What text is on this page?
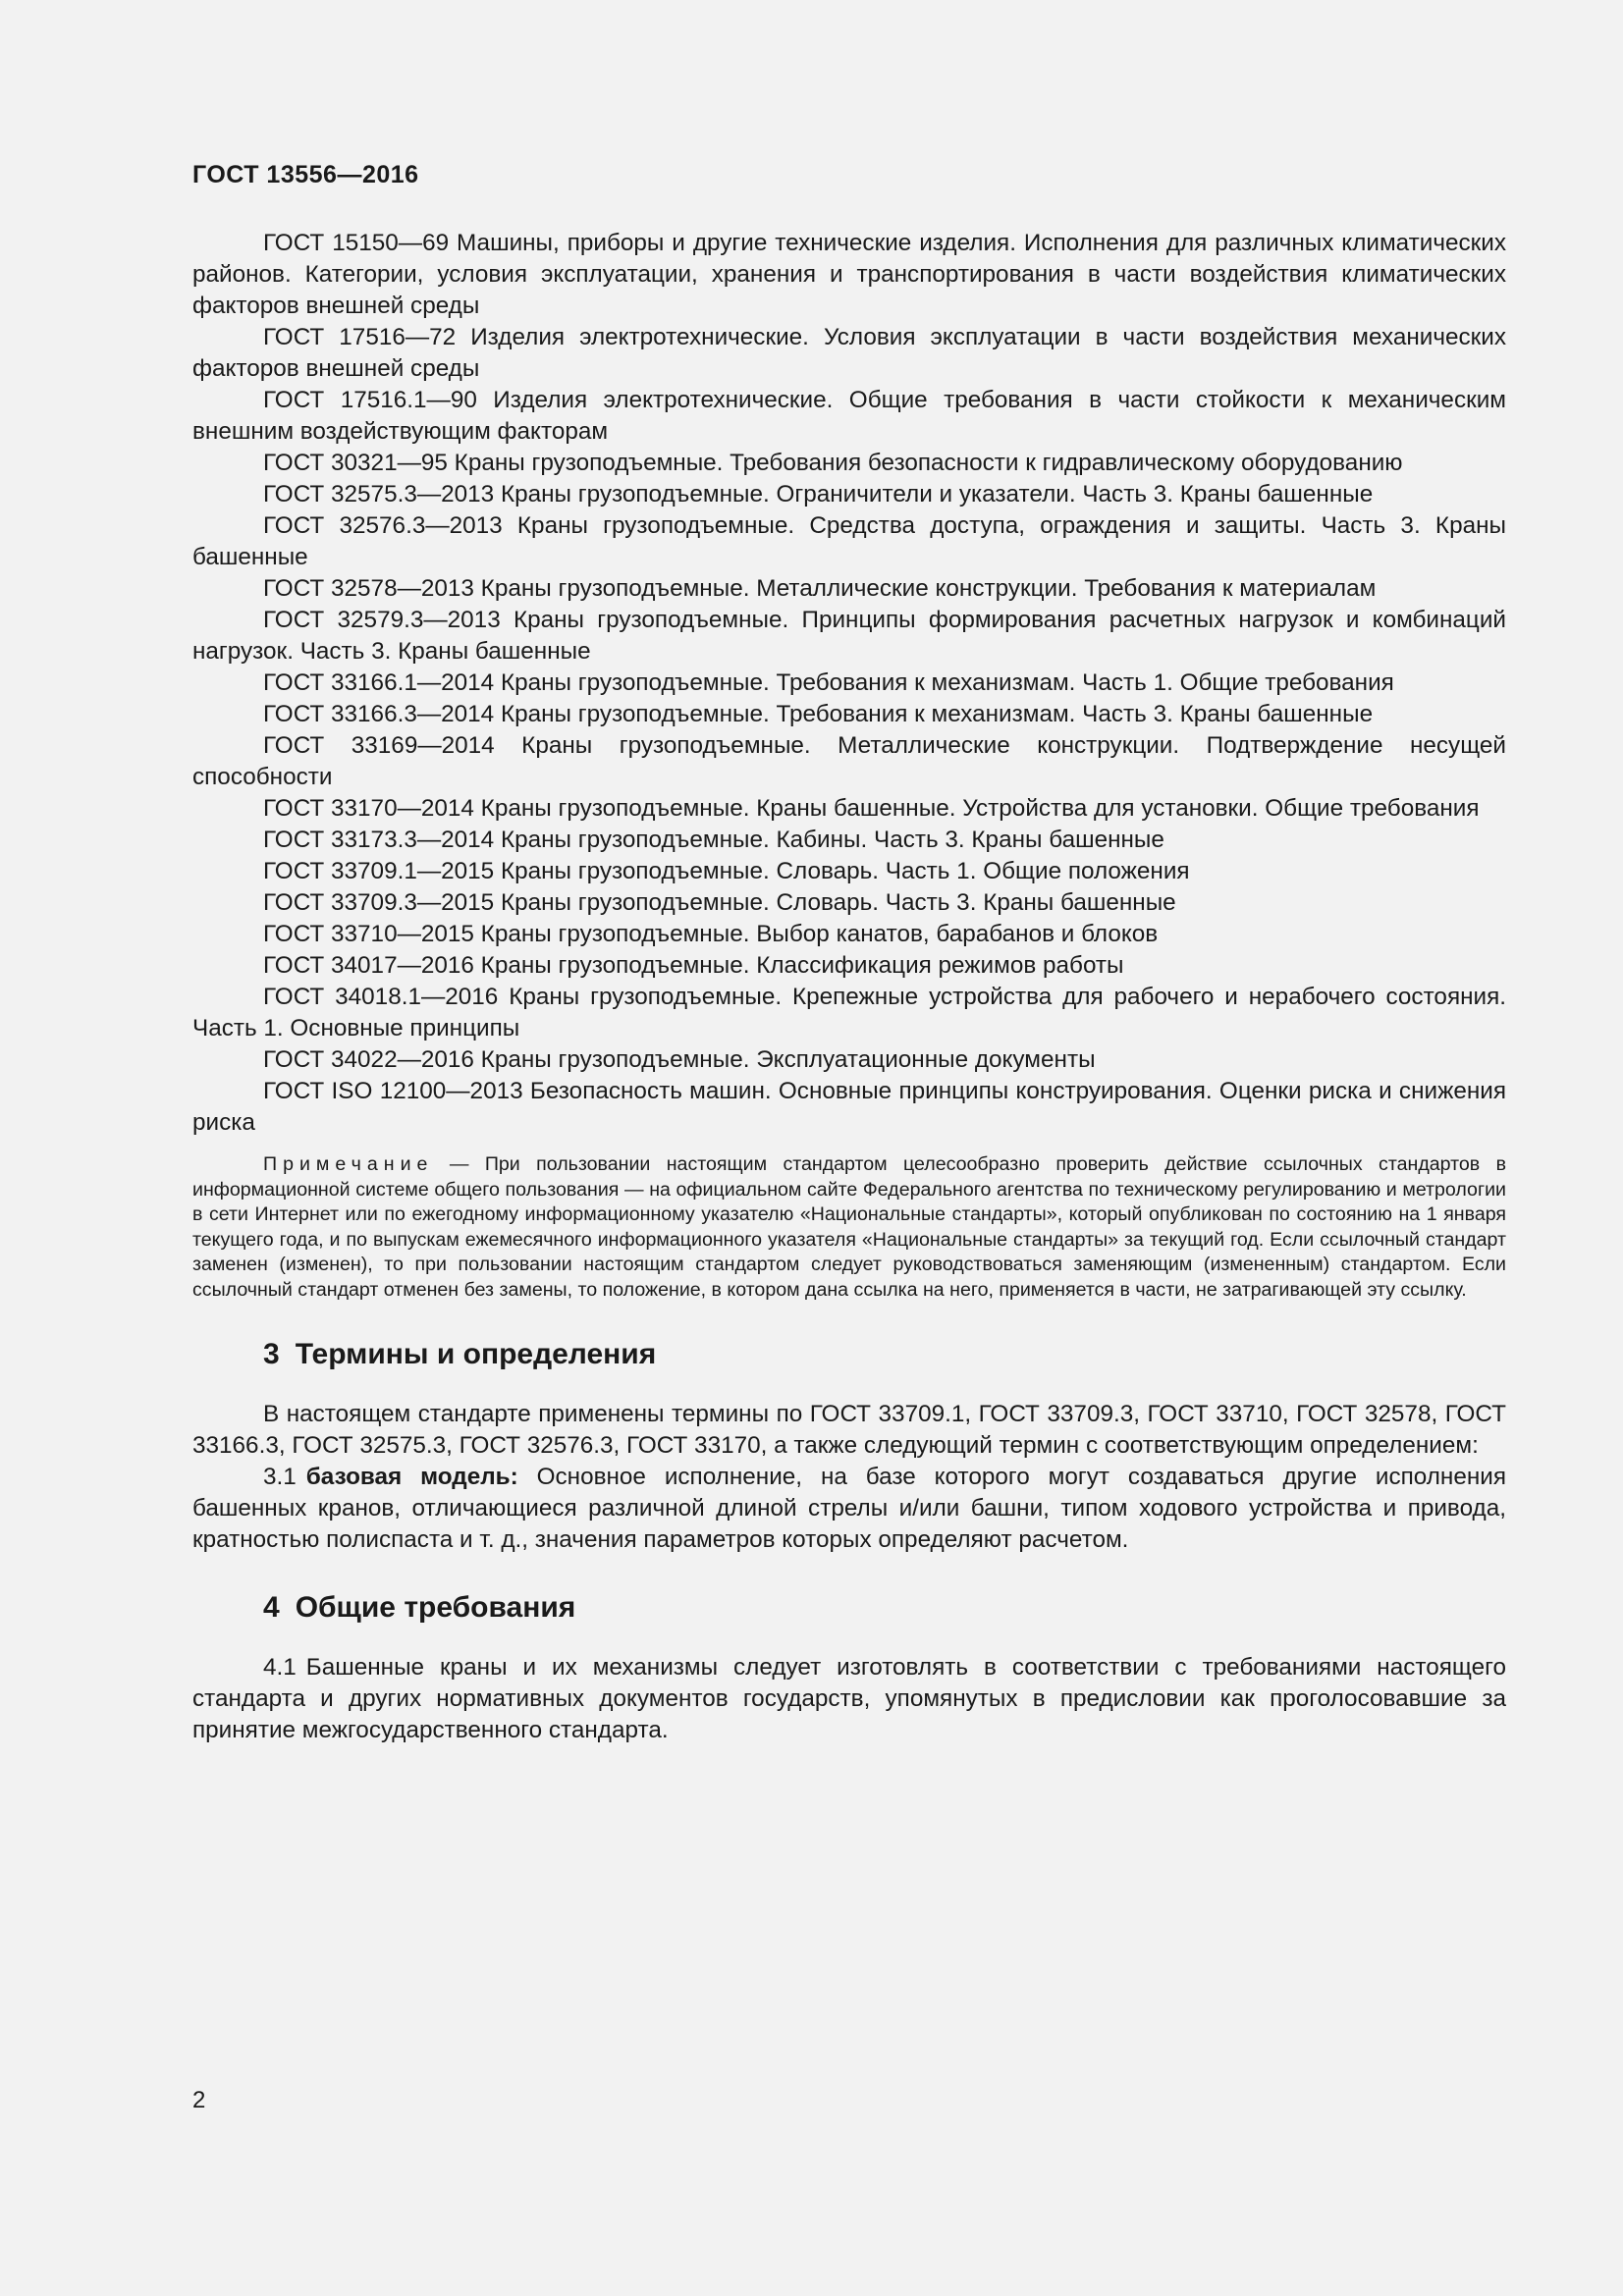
ГОСТ 13556—2016

ГОСТ 15150—69 Машины, приборы и другие технические изделия. Исполнения для различных климатических районов. Категории, условия эксплуатации, хранения и транспортирования в части воздействия климатических факторов внешней среды

ГОСТ 17516—72 Изделия электротехнические. Условия эксплуатации в части воздействия механических факторов внешней среды

ГОСТ 17516.1—90 Изделия электротехнические. Общие требования в части стойкости к механическим внешним воздействующим факторам

ГОСТ 30321—95 Краны грузоподъемные. Требования безопасности к гидравлическому оборудованию

ГОСТ 32575.3—2013 Краны грузоподъемные. Ограничители и указатели. Часть 3. Краны башенные

ГОСТ 32576.3—2013 Краны грузоподъемные. Средства доступа, ограждения и защиты. Часть 3. Краны башенные

ГОСТ 32578—2013 Краны грузоподъемные. Металлические конструкции. Требования к материалам

ГОСТ 32579.3—2013 Краны грузоподъемные. Принципы формирования расчетных нагрузок и комбинаций нагрузок. Часть 3. Краны башенные

ГОСТ 33166.1—2014 Краны грузоподъемные. Требования к механизмам. Часть 1. Общие требования

ГОСТ 33166.3—2014 Краны грузоподъемные. Требования к механизмам. Часть 3. Краны башенные

ГОСТ 33169—2014 Краны грузоподъемные. Металлические конструкции. Подтверждение несущей способности

ГОСТ 33170—2014 Краны грузоподъемные. Краны башенные. Устройства для установки. Общие требования

ГОСТ 33173.3—2014 Краны грузоподъемные. Кабины. Часть 3. Краны башенные

ГОСТ 33709.1—2015 Краны грузоподъемные. Словарь. Часть 1. Общие положения

ГОСТ 33709.3—2015 Краны грузоподъемные. Словарь. Часть 3. Краны башенные

ГОСТ 33710—2015 Краны грузоподъемные. Выбор канатов, барабанов и блоков

ГОСТ 34017—2016 Краны грузоподъемные. Классификация режимов работы

ГОСТ 34018.1—2016 Краны грузоподъемные. Крепежные устройства для рабочего и нерабочего состояния. Часть 1. Основные принципы

ГОСТ 34022—2016 Краны грузоподъемные. Эксплуатационные документы

ГОСТ ISO 12100—2013 Безопасность машин. Основные принципы конструирования. Оценки риска и снижения риска

Примечание — При пользовании настоящим стандартом целесообразно проверить действие ссылочных стандартов в информационной системе общего пользования — на официальном сайте Федерального агентства по техническому регулированию и метрологии в сети Интернет или по ежегодному информационному указателю «Национальные стандарты», который опубликован по состоянию на 1 января текущего года, и по выпускам ежемесячного информационного указателя «Национальные стандарты» за текущий год. Если ссылочный стандарт заменен (изменен), то при пользовании настоящим стандартом следует руководствоваться заменяющим (измененным) стандартом. Если ссылочный стандарт отменен без замены, то положение, в котором дана ссылка на него, применяется в части, не затрагивающей эту ссылку.

3 Термины и определения

В настоящем стандарте применены термины по ГОСТ 33709.1, ГОСТ 33709.3, ГОСТ 33710, ГОСТ 32578, ГОСТ 33166.3, ГОСТ 32575.3, ГОСТ 32576.3, ГОСТ 33170, а также следующий термин с соответствующим определением:

3.1 базовая модель: Основное исполнение, на базе которого могут создаваться другие исполнения башенных кранов, отличающиеся различной длиной стрелы и/или башни, типом ходового устройства и привода, кратностью полиспаста и т. д., значения параметров которых определяют расчетом.

4 Общие требования

4.1 Башенные краны и их механизмы следует изготовлять в соответствии с требованиями настоящего стандарта и других нормативных документов государств, упомянутых в предисловии как проголосовавшие за принятие межгосударственного стандарта.

2
